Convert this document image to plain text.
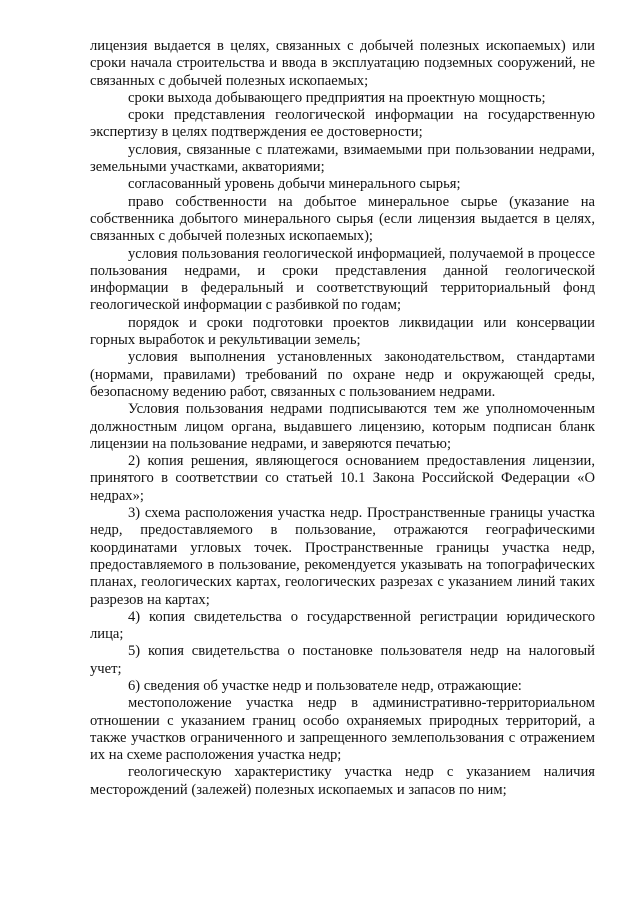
лицензия выдается в целях, связанных с добычей полезных ископаемых) или сроки начала строительства и ввода в эксплуатацию подземных сооружений, не связанных с добычей полезных ископаемых;

сроки выхода добывающего предприятия на проектную мощность;

сроки представления геологической информации на государственную экспертизу в целях подтверждения ее достоверности;

условия, связанные с платежами, взимаемыми при пользовании недрами, земельными участками, акваториями;

согласованный уровень добычи минерального сырья;

право собственности на добытое минеральное сырье (указание на собственника добытого минерального сырья (если лицензия выдается в целях, связанных с добычей полезных ископаемых);

условия пользования геологической информацией, получаемой в процессе пользования недрами, и сроки представления данной геологической информации в федеральный и соответствующий территориальный фонд геологической информации с разбивкой по годам;

порядок и сроки подготовки проектов ликвидации или консервации горных выработок и рекультивации земель;

условия выполнения установленных законодательством, стандартами (нормами, правилами) требований по охране недр и окружающей среды, безопасному ведению работ, связанных с пользованием недрами.

Условия пользования недрами подписываются тем же уполномоченным должностным лицом органа, выдавшего лицензию, которым подписан бланк лицензии на пользование недрами, и заверяются печатью;

2) копия решения, являющегося основанием предоставления лицензии, принятого в соответствии со статьей 10.1 Закона Российской Федерации «О недрах»;

3) схема расположения участка недр. Пространственные границы участка недр, предоставляемого в пользование, отражаются географическими координатами угловых точек. Пространственные границы участка недр, предоставляемого в пользование, рекомендуется указывать на топографических планах, геологических картах, геологических разрезах с указанием линий таких разрезов на картах;

4) копия свидетельства о государственной регистрации юридического лица;

5) копия свидетельства о постановке пользователя недр на налоговый учет;

6) сведения об участке недр и пользователе недр, отражающие:

местоположение участка недр в административно-территориальном отношении с указанием границ особо охраняемых природных территорий, а также участков ограниченного и запрещенного землепользования с отражением их на схеме расположения участка недр;

геологическую характеристику участка недр с указанием наличия месторождений (залежей) полезных ископаемых и запасов по ним;
